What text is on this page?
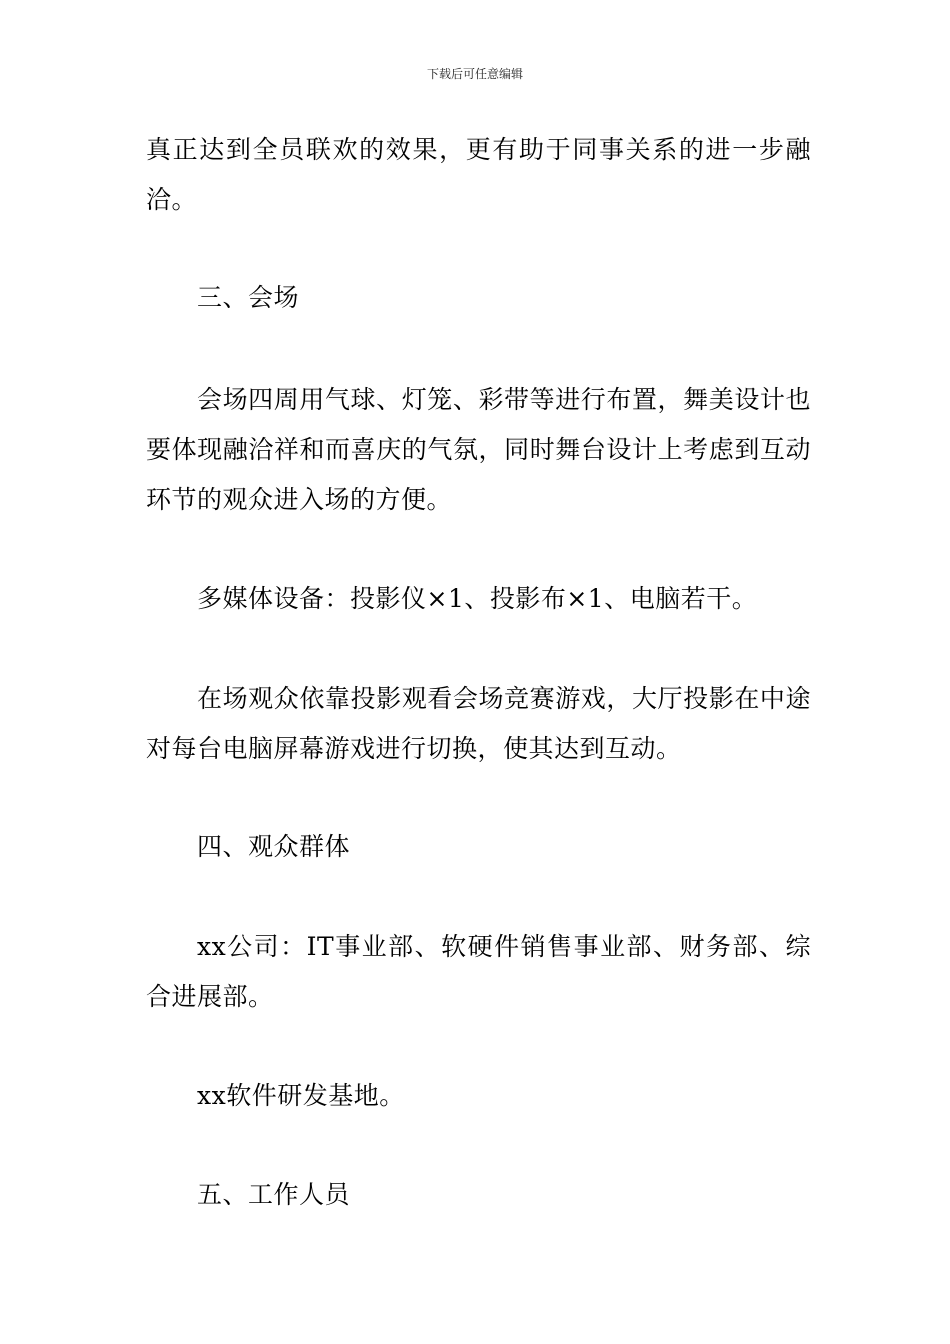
下载后可任意编辑

真正达到全员联欢的效果，更有助于同事关系的进一步融洽。

三、会场

会场四周用气球、灯笼、彩带等进行布置，舞美设计也要体现融洽祥和而喜庆的气氛，同时舞台设计上考虑到互动环节的观众进入场的方便。

多媒体设备：投影仪×1、投影布×1、电脑若干。

在场观众依靠投影观看会场竞赛游戏，大厅投影在中途对每台电脑屏幕游戏进行切换，使其达到互动。

四、观众群体

xx公司：IT事业部、软硬件销售事业部、财务部、综合进展部。

xx软件研发基地。

五、工作人员
